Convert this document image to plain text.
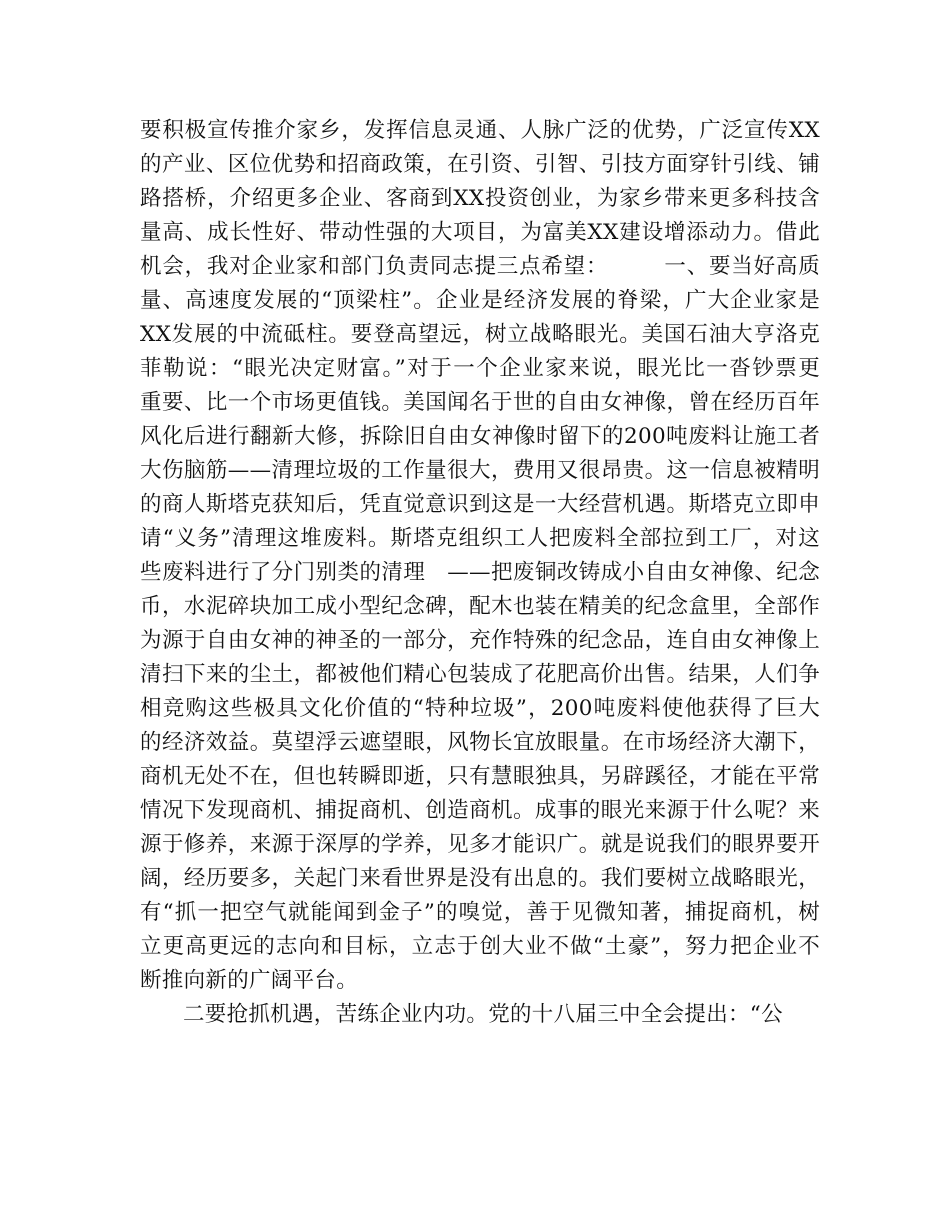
要积极宣传推介家乡，发挥信息灵通、人脉广泛的优势，广泛宣传XX
的产业、区位优势和招商政策，在引资、引智、引技方面穿针引线、铺
路搭桥，介绍更多企业、客商到XX投资创业，为家乡带来更多科技含
量高、成长性好、带动性强的大项目，为富美XX建设增添动力。借此
机会，我对企业家和部门负责同志提三点希望：　　　一、要当好高质
量、高速度发展的“顶梁柱”。企业是经济发展的脊梁，广大企业家是
XX发展的中流砥柱。要登高望远，树立战略眼光。美国石油大亨洛克
菲勒说：“眼光决定财富。”对于一个企业家来说，眼光比一沓钞票更
重要、比一个市场更值钱。美国闻名于世的自由女神像，曾在经历百年
风化后进行翻新大修，拆除旧自由女神像时留下的200吨废料让施工者
大伤脑筋——清理垃圾的工作量很大，费用又很昂贵。这一信息被精明
的商人斯塔克获知后，凭直觉意识到这是一大经营机遇。斯塔克立即申
请“义务”清理这堆废料。斯塔克组织工人把废料全部拉到工厂，对这
些废料进行了分门别类的清理　——把废铜改铸成小自由女神像、纪念
币，水泥碎块加工成小型纪念碑，配木也装在精美的纪念盒里，全部作
为源于自由女神的神圣的一部分，充作特殊的纪念品，连自由女神像上
清扫下来的尘土，都被他们精心包装成了花肥高价出售。结果，人们争
相竞购这些极具文化价值的“特种垃圾”，200吨废料使他获得了巨大
的经济效益。莫望浮云遮望眼，风物长宜放眼量。在市场经济大潮下，
商机无处不在，但也转瞬即逝，只有慧眼独具，另辟蹊径，才能在平常
情况下发现商机、捕捉商机、创造商机。成事的眼光来源于什么呢？来
源于修养，来源于深厚的学养，见多才能识广。就是说我们的眼界要开
阔，经历要多，关起门来看世界是没有出息的。我们要树立战略眼光，
有“抓一把空气就能闻到金子”的嗅觉，善于见微知著，捕捉商机，树
立更高更远的志向和目标，立志于创大业不做“土豪”，努力把企业不
断推向新的广阔平台。
二要抢抓机遇，苦练企业内功。党的十八届三中全会提出：“公
